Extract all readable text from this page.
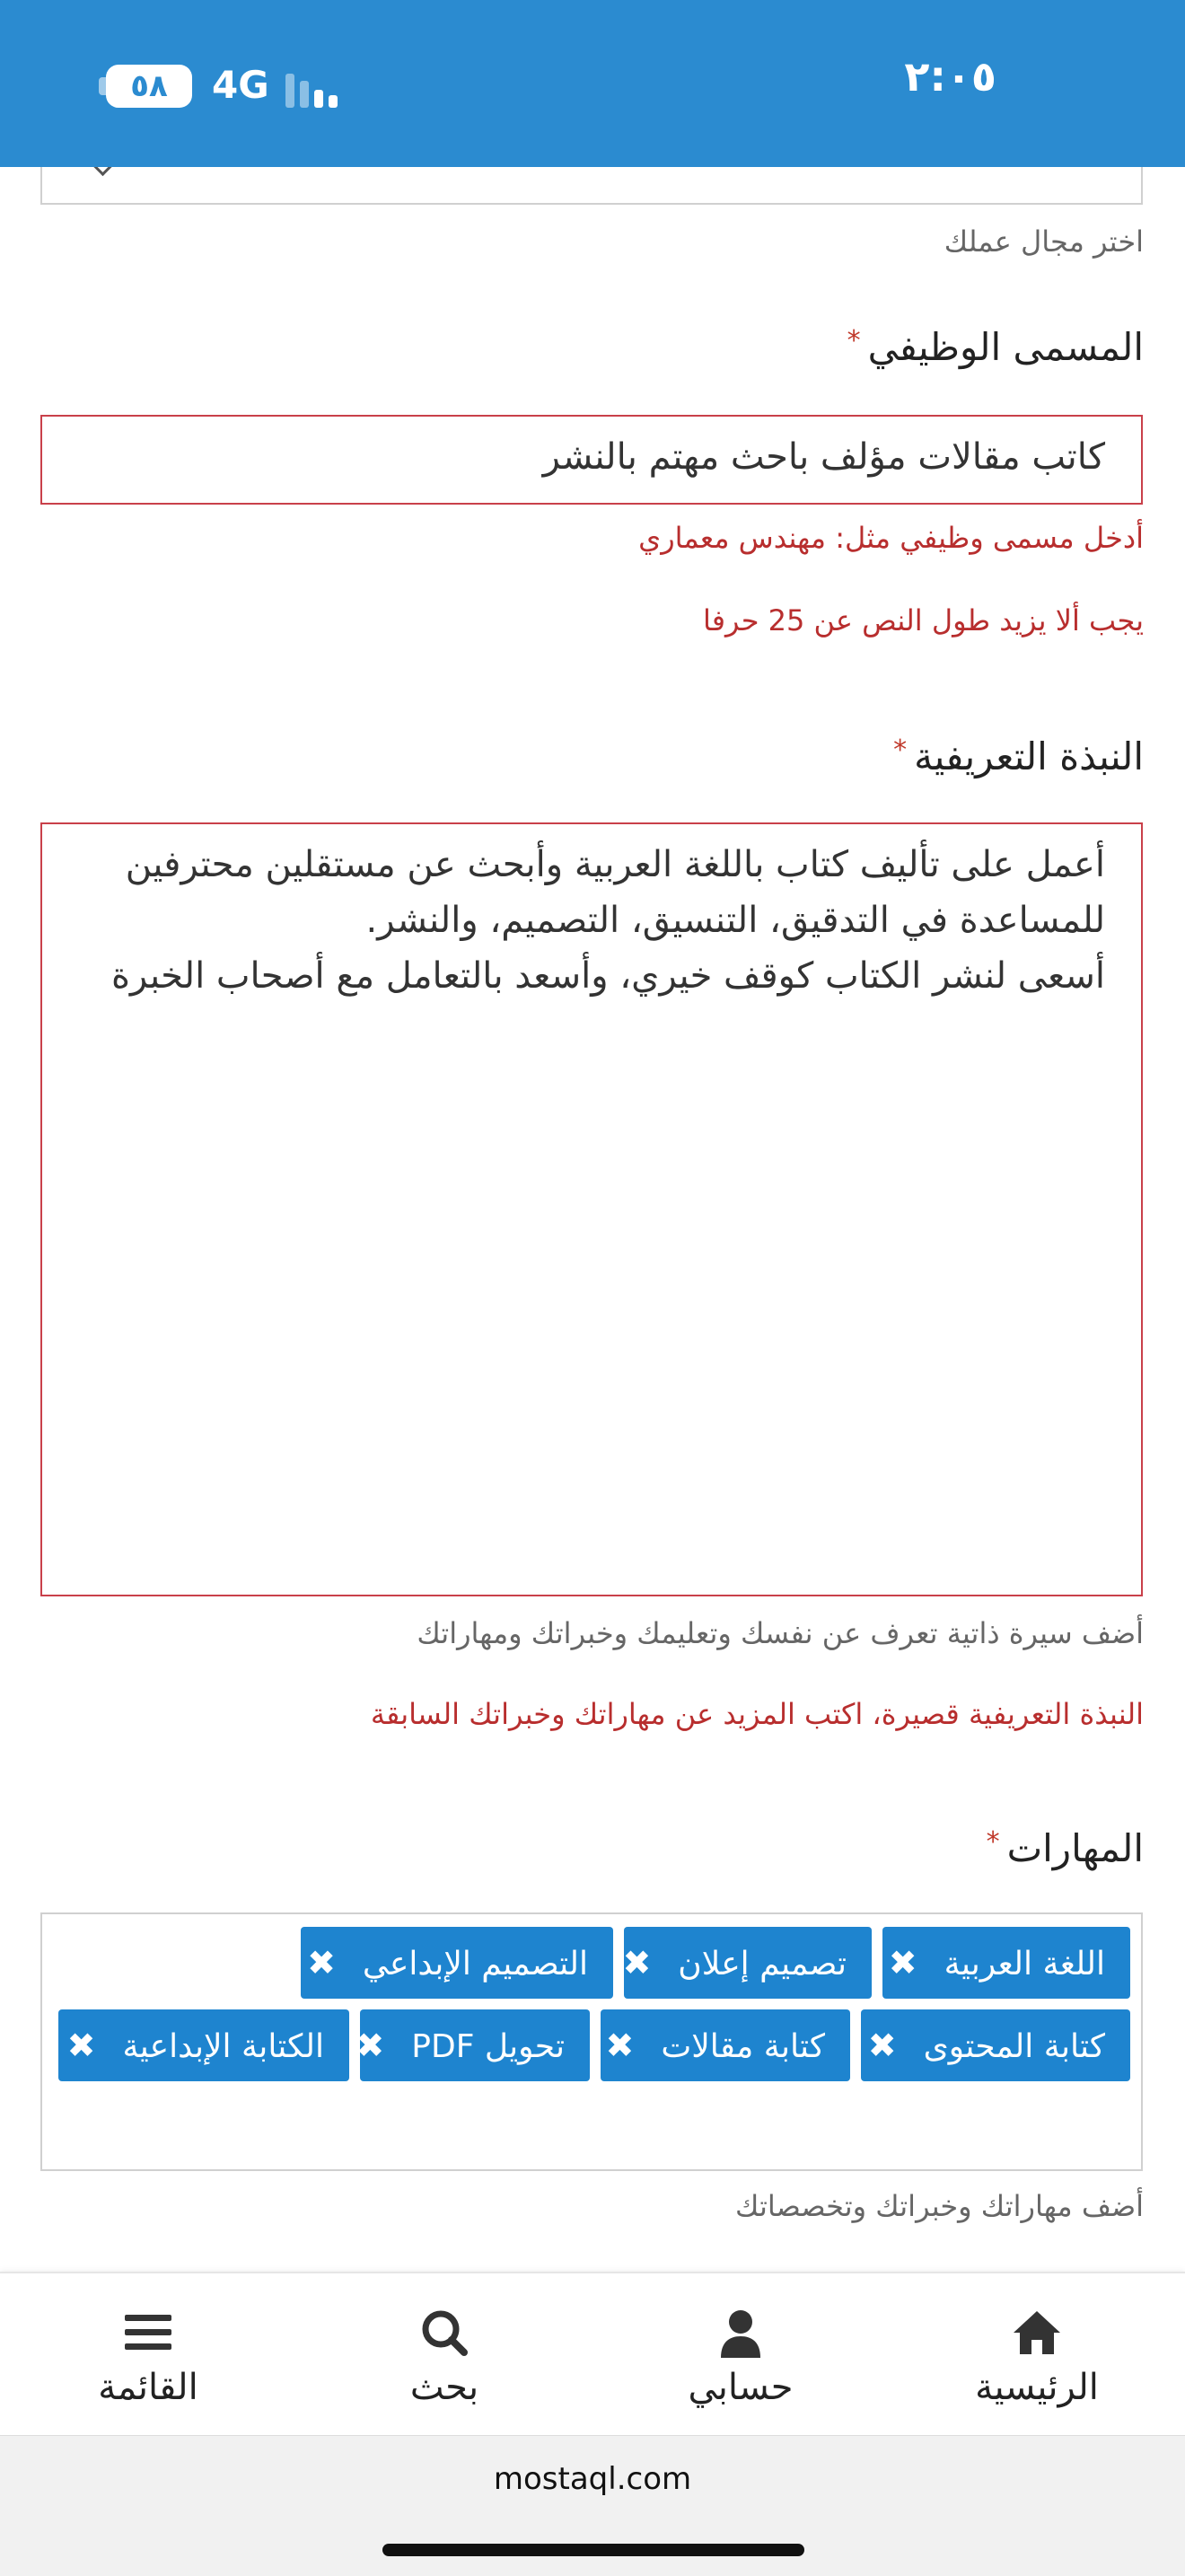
٥٨	4G	٢:٠٥
اختر مجال عملك
المسمى الوظيفي*
كاتب مقالات مؤلف باحث مهتم بالنشر
أدخل مسمى وظيفي مثل: مهندس معماري
يجب ألا يزيد طول النص عن 25 حرفا
النبذة التعريفية*
أعمل على تأليف كتاب باللغة العربية وأبحث عن مستقلين محترفين للمساعدة في التدقيق، التنسيق، التصميم، والنشر.
أسعى لنشر الكتاب كوقف خيري، وأسعد بالتعامل مع أصحاب الخبرة
أضف سيرة ذاتية تعرف عن نفسك وتعليمك وخبراتك ومهاراتك
النبذة التعريفية قصيرة، اكتب المزيد عن مهاراتك وخبراتك السابقة
المهارات*
اللغة العربية✖
تصميم إعلان✖
التصميم الإبداعي✖
كتابة المحتوى✖
كتابة مقالات✖
تحويل PDF✖
الكتابة الإبداعية✖
أضف مهاراتك وخبراتك وتخصصاتك
الرئيسية
حسابي
بحث
القائمة
mostaql.com
